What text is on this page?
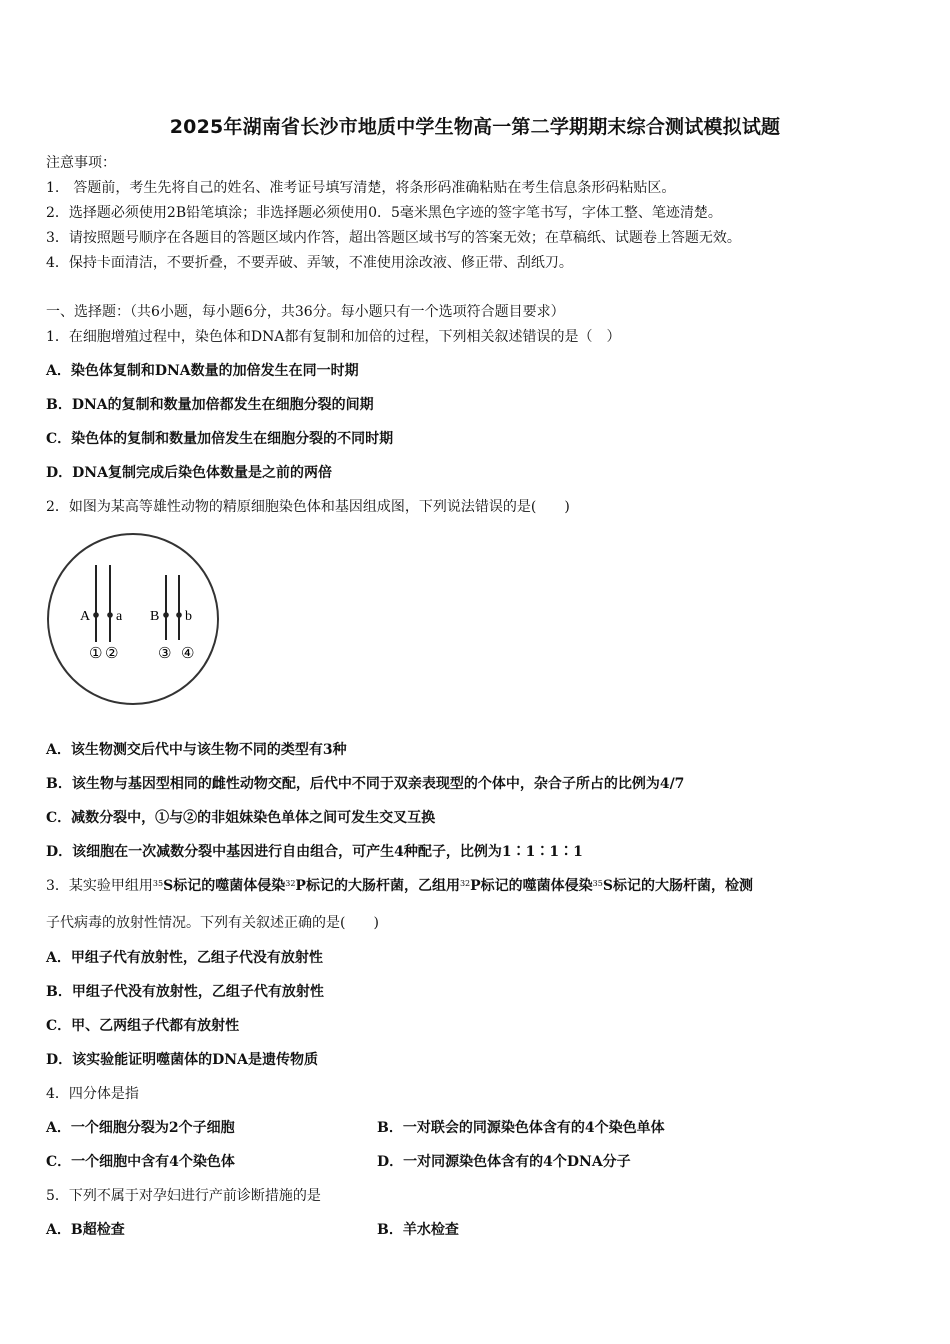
2025年湖南省长沙市地质中学生物高一第二学期期末综合测试模拟试题
注意事项：
1.　答题前，考生先将自己的姓名、准考证号填写清楚，将条形码准确粘贴在考生信息条形码粘贴区。
2．选择题必须使用2B铅笔填涂；非选择题必须使用0．5毫米黑色字迹的签字笔书写，字体工整、笔迹清楚。
3．请按照题号顺序在各题目的答题区域内作答，超出答题区域书写的答案无效；在草稿纸、试题卷上答题无效。
4．保持卡面清洁，不要折叠，不要弄破、弄皱，不准使用涂改液、修正带、刮纸刀。
一、选择题：（共6小题，每小题6分，共36分。每小题只有一个选项符合题目要求）
1．在细胞增殖过程中，染色体和DNA都有复制和加倍的过程，下列相关叙述错误的是（　）
A．染色体复制和DNA数量的加倍发生在同一时期
B．DNA的复制和数量加倍都发生在细胞分裂的间期
C．染色体的复制和数量加倍发生在细胞分裂的不同时期
D．DNA复制完成后染色体数量是之前的两倍
2．如图为某高等雄性动物的精原细胞染色体和基因组成图，下列说法错误的是(　　)
A a B b
① ②	③ ④
A．该生物测交后代中与该生物不同的类型有3种
B．该生物与基因型相同的雌性动物交配，后代中不同于双亲表现型的个体中，杂合子所占的比例为4/7
C．减数分裂中，①与②的非姐妹染色单体之间可发生交叉互换
D．该细胞在一次减数分裂中基因进行自由组合，可产生4种配子，比例为1∶1∶1∶1
3．某实验甲组用$^{35}$S标记的噬菌体侵染$^{32}$P标记的大肠杆菌，乙组用$^{32}$P标记的噬菌体侵染$^{35}$S标记的大肠杆菌，检测
子代病毒的放射性情况。下列有关叙述正确的是(　　)
A．甲组子代有放射性，乙组子代没有放射性
B．甲组子代没有放射性，乙组子代有放射性
C．甲、乙两组子代都有放射性
D．该实验能证明噬菌体的DNA是遗传物质
4．四分体是指
A．一个细胞分裂为2个子细胞	B．一对联会的同源染色体含有的4个染色单体
C．一个细胞中含有4个染色体	D．一对同源染色体含有的4个DNA分子
5．下列不属于对孕妇进行产前诊断措施的是
A．B超检查	B．羊水检查
